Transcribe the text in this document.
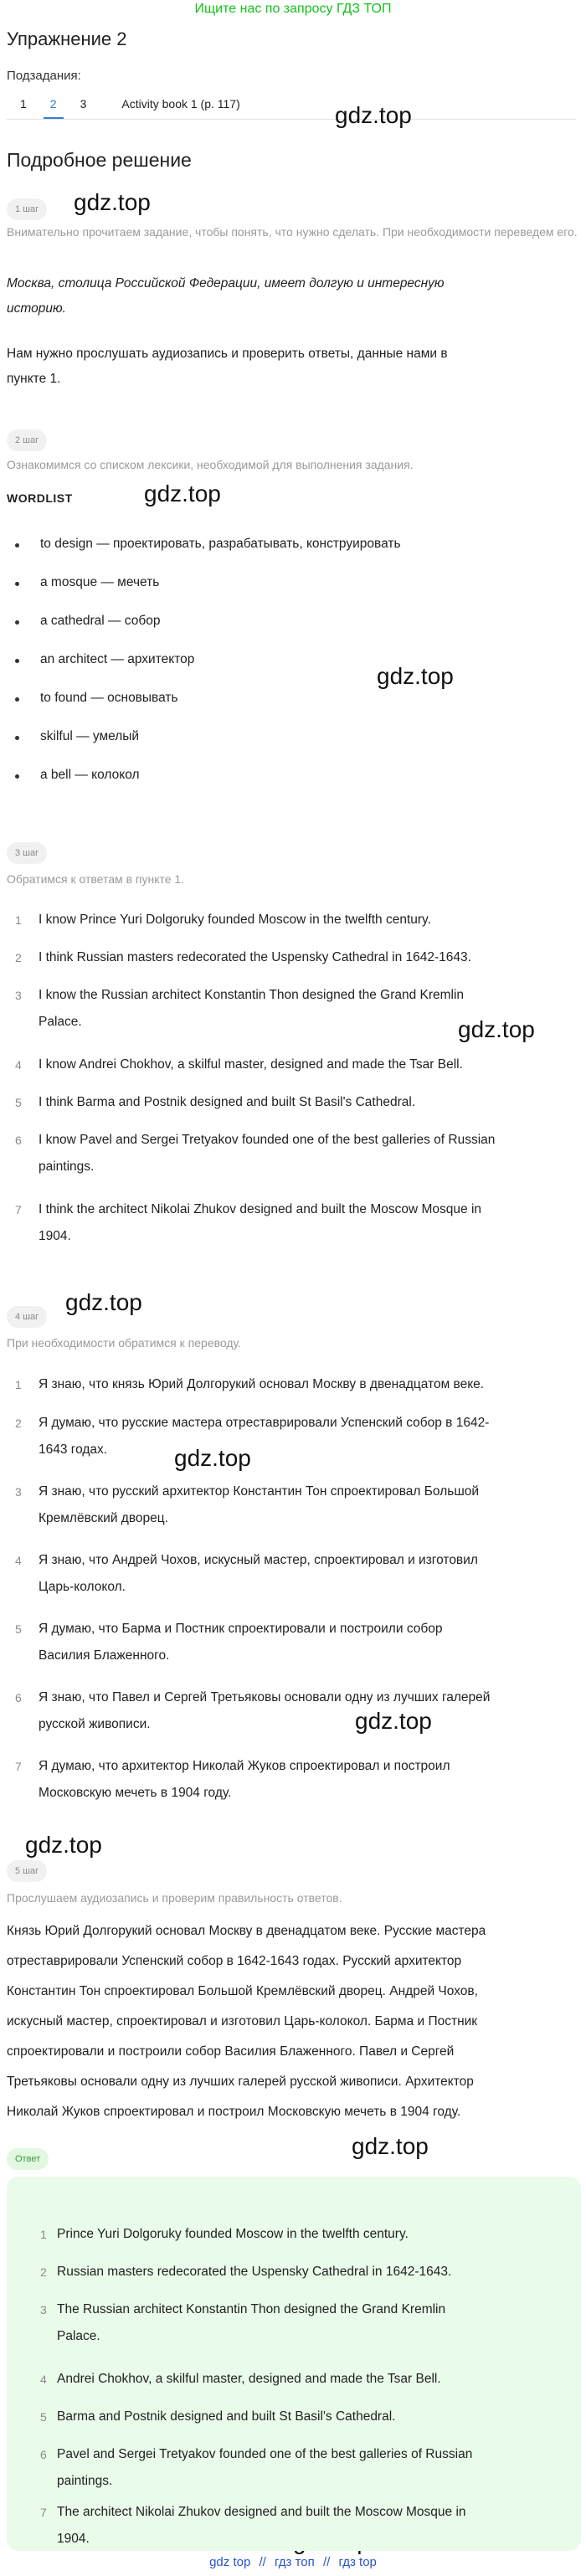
Ищите нас по запросу ГДЗ ТОП
Упражнение 2
Подзадания:
1	2	3	Activity book 1 (p. 117)	gdz.top
gdz.top
gdz.top
gdz.top
gdz.top
gdz.top
gdz.top
gdz.top
gdz.top
gdz.top
Подробное решение
1 шаг
Внимательно прочитаем задание, чтобы понять, что нужно сделать. При необходимости переведем его.
Москва, столица Российской Федерации, имеет долгую и интересную
историю.
Нам нужно прослушать аудиозапись и проверить ответы, данные нами в
пункте 1.
2 шаг
Ознакомимся со списком лексики, необходимой для выполнения задания.
WORDLIST
to design — проектировать, разрабатывать, конструировать
a mosque — мечеть
a cathedral — собор
an architect — архитектор
to found — основывать
skilful — умелый
a bell — колокол
3 шаг
Обратимся к ответам в пункте 1.
1	I know Prince Yuri Dolgoruky founded Moscow in the twelfth century.
2	I think Russian masters redecorated the Uspensky Cathedral in 1642-1643.
3	I know the Russian architect Konstantin Thon designed the Grand Kremlin
Palace.
4	I know Andrei Chokhov, a skilful master, designed and made the Tsar Bell.
5	I think Barma and Postnik designed and built St Basil's Cathedral.
6	I know Pavel and Sergei Tretyakov founded one of the best galleries of Russian
paintings.
7	I think the architect Nikolai Zhukov designed and built the Moscow Mosque in
1904.
4 шаг
При необходимости обратимся к переводу.
1	Я знаю, что князь Юрий Долгорукий основал Москву в двенадцатом веке.
2	Я думаю, что русские мастера отреставрировали Успенский собор в 1642-
1643 годах.
3	Я знаю, что русский архитектор Константин Тон спроектировал Большой
Кремлёвский дворец.
4	Я знаю, что Андрей Чохов, искусный мастер, спроектировал и изготовил
Царь-колокол.
5	Я думаю, что Барма и Постник спроектировали и построили собор
Василия Блаженного.
6	Я знаю, что Павел и Сергей Третьяковы основали одну из лучших галерей
русской живописи.
7	Я думаю, что архитектор Николай Жуков спроектировал и построил
Московскую мечеть в 1904 году.
5 шаг
Прослушаем аудиозапись и проверим правильность ответов.
Князь Юрий Долгорукий основал Москву в двенадцатом веке. Русские мастера
отреставрировали Успенский собор в 1642-1643 годах. Русский архитектор
Константин Тон спроектировал Большой Кремлёвский дворец. Андрей Чохов,
искусный мастер, спроектировал и изготовил Царь-колокол. Барма и Постник
спроектировали и построили собор Василия Блаженного. Павел и Сергей
Третьяковы основали одну из лучших галерей русской живописи. Архитектор
Николай Жуков спроектировал и построил Московскую мечеть в 1904 году.
Ответ
1 Prince Yuri Dolgoruky founded Moscow in the twelfth century.
2 Russian masters redecorated the Uspensky Cathedral in 1642-1643.
3 The Russian architect Konstantin Thon designed the Grand Kremlin
Palace.
4 Andrei Chokhov, a skilful master, designed and made the Tsar Bell.
5 Barma and Postnik designed and built St Basil's Cathedral.
6 Pavel and Sergei Tretyakov founded one of the best galleries of Russian
paintings.
7 The architect Nikolai Zhukov designed and built the Moscow Mosque in
1904.
gdz top // гдз топ // гдз top
